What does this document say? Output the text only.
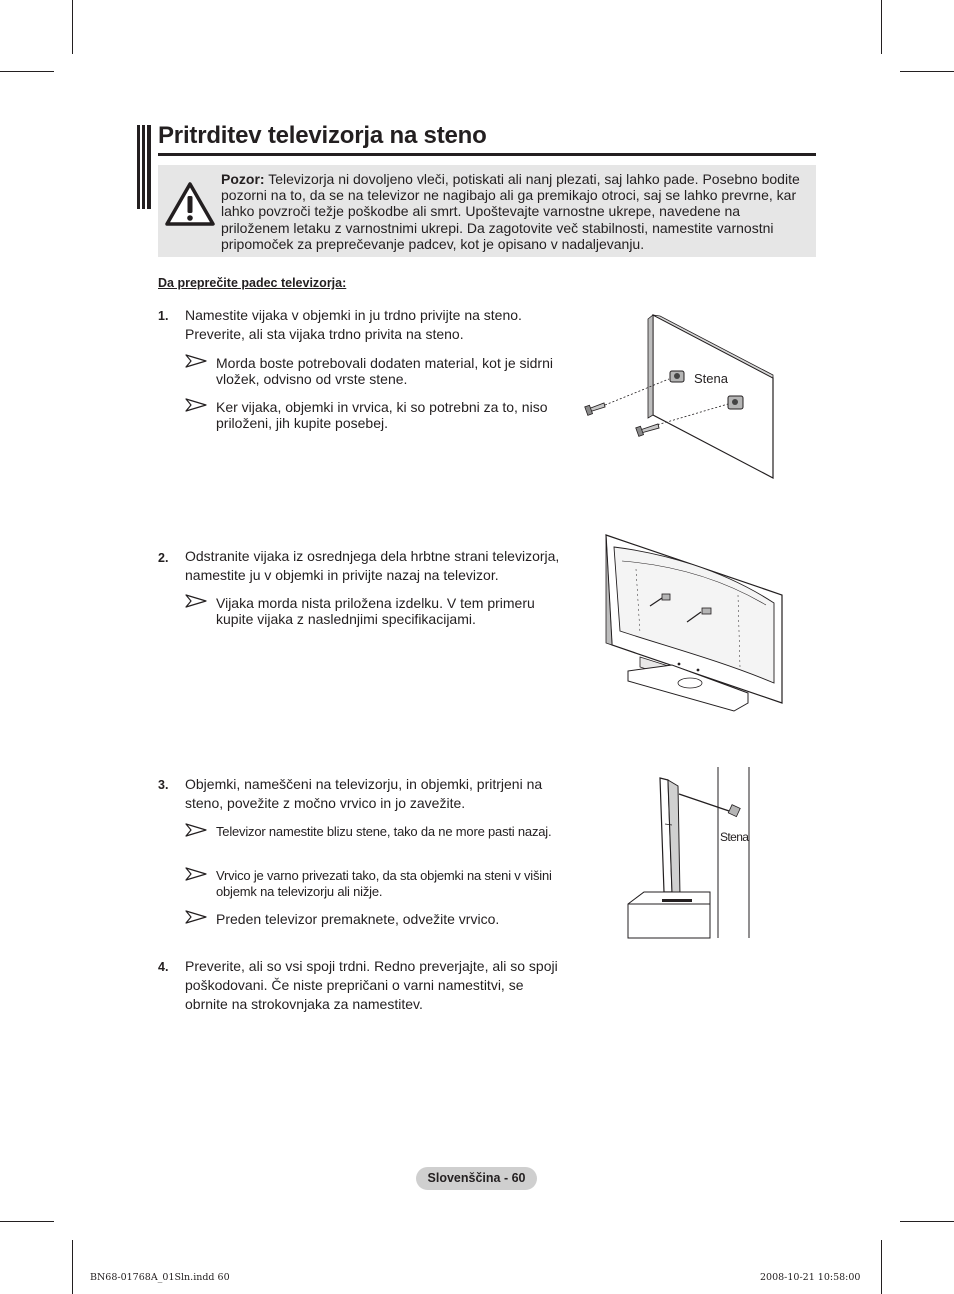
Pritrditev televizorja na steno
Pozor: Televizorja ni dovoljeno vleči, potiskati ali nanj plezati, saj lahko pade. Posebno bodite pozorni na to, da se na televizor ne nagibajo ali ga premikajo otroci, saj se lahko prevrne, kar lahko povzroči težje poškodbe ali smrt. Upoštevajte varnostne ukrepe, navedene na priloženem letaku z varnostnimi ukrepi. Da zagotovite več stabilnosti, namestite varnostni pripomoček za preprečevanje padcev, kot je opisano v nadaljevanju.
Da preprečite padec televizorja:
1. Namestite vijaka v objemki in ju trdno privijte na steno. Preverite, ali sta vijaka trdno privita na steno.
Morda boste potrebovali dodaten material, kot je sidrni vložek, odvisno od vrste stene.
Ker vijaka, objemki in vrvica, ki so potrebni za to, niso priloženi, jih kupite posebej.
Stena
2. Odstranite vijaka iz osrednjega dela hrbtne strani televizorja, namestite ju v objemki in privijte nazaj na televizor.
Vijaka morda nista priložena izdelku. V tem primeru kupite vijaka z naslednjimi specifikacijami.
3. Objemki, nameščeni na televizorju, in objemki, pritrjeni na steno, povežite z močno vrvico in jo zavežite.
Televizor namestite blizu stene, tako da ne more pasti nazaj.
Vrvico je varno privezati tako, da sta objemki na steni v višini objemk na televizorju ali nižje.
Preden televizor premaknete, odvežite vrvico.
Stena
4. Preverite, ali so vsi spoji trdni. Redno preverjajte, ali so spoji poškodovani. Če niste prepričani o varni namestitvi, se obrnite na strokovnjaka za namestitev.
Slovenščina - 60
BN68-01768A_01Sln.indd 60	2008-10-21 10:58:00
